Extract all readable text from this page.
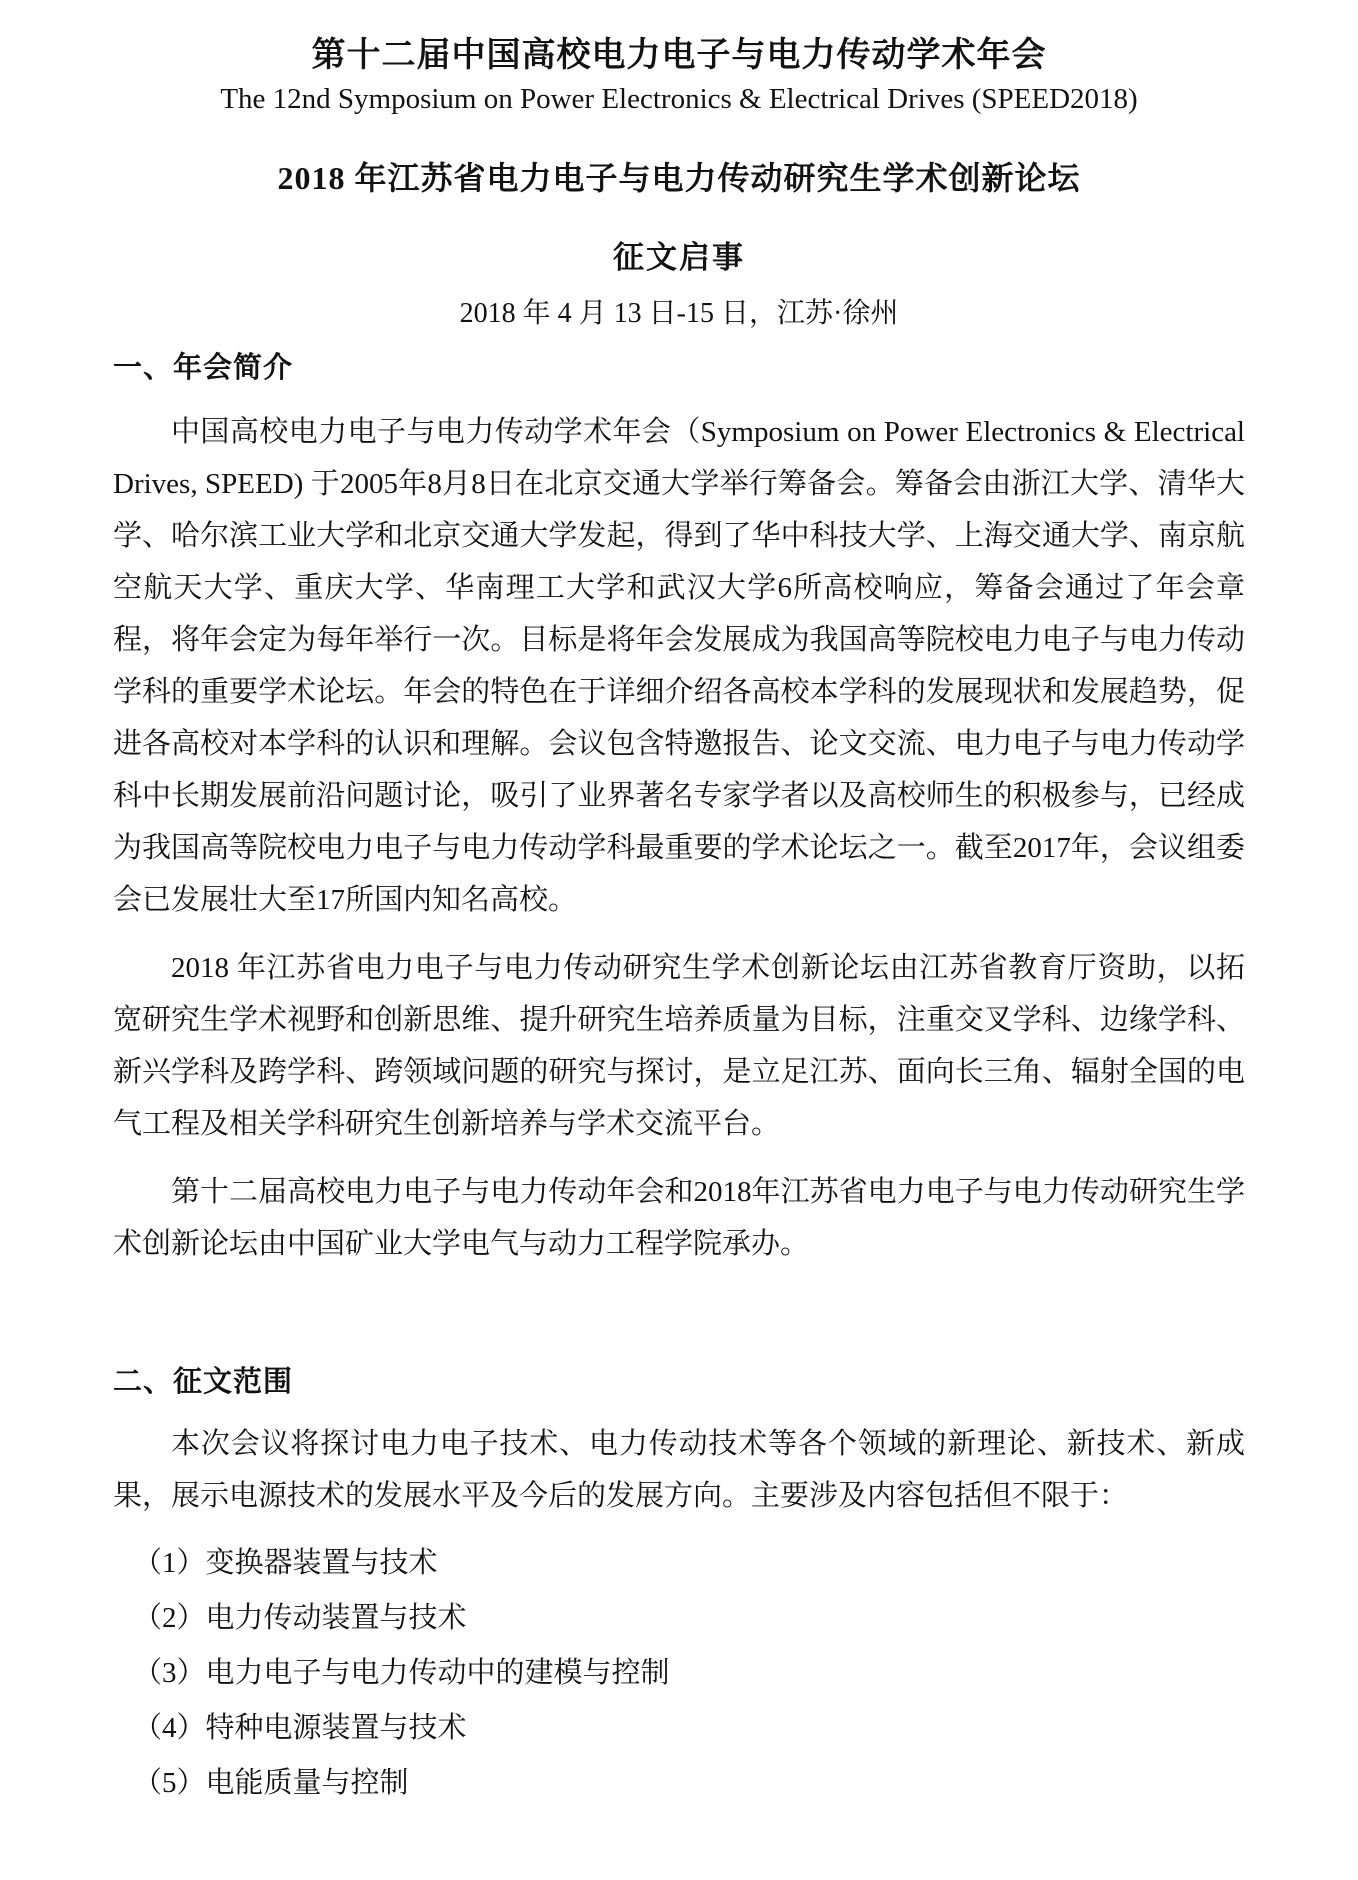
第十二届中国高校电力电子与电力传动学术年会
The 12nd Symposium on Power Electronics & Electrical Drives (SPEED2018)
2018 年江苏省电力电子与电力传动研究生学术创新论坛
征文启事
2018 年 4 月 13 日-15 日，江苏·徐州
一、年会简介

中国高校电力电子与电力传动学术年会（Symposium on Power Electronics & Electrical Drives, SPEED) 于2005年8月8日在北京交通大学举行筹备会。筹备会由浙江大学、清华大学、哈尔滨工业大学和北京交通大学发起，得到了华中科技大学、上海交通大学、南京航空航天大学、重庆大学、华南理工大学和武汉大学6所高校响应，筹备会通过了年会章程，将年会定为每年举行一次。目标是将年会发展成为我国高等院校电力电子与电力传动学科的重要学术论坛。年会的特色在于详细介绍各高校本学科的发展现状和发展趋势，促进各高校对本学科的认识和理解。会议包含特邀报告、论文交流、电力电子与电力传动学科中长期发展前沿问题讨论，吸引了业界著名专家学者以及高校师生的积极参与，已经成为我国高等院校电力电子与电力传动学科最重要的学术论坛之一。截至2017年，会议组委会已发展壮大至17所国内知名高校。

2018 年江苏省电力电子与电力传动研究生学术创新论坛由江苏省教育厅资助，以拓宽研究生学术视野和创新思维、提升研究生培养质量为目标，注重交叉学科、边缘学科、新兴学科及跨学科、跨领域问题的研究与探讨，是立足江苏、面向长三角、辐射全国的电气工程及相关学科研究生创新培养与学术交流平台。

第十二届高校电力电子与电力传动年会和2018年江苏省电力电子与电力传动研究生学术创新论坛由中国矿业大学电气与动力工程学院承办。

二、征文范围

本次会议将探讨电力电子技术、电力传动技术等各个领域的新理论、新技术、新成果，展示电源技术的发展水平及今后的发展方向。主要涉及内容包括但不限于：

（1）变换器装置与技术
（2）电力传动装置与技术
（3）电力电子与电力传动中的建模与控制
（4）特种电源装置与技术
（5）电能质量与控制
